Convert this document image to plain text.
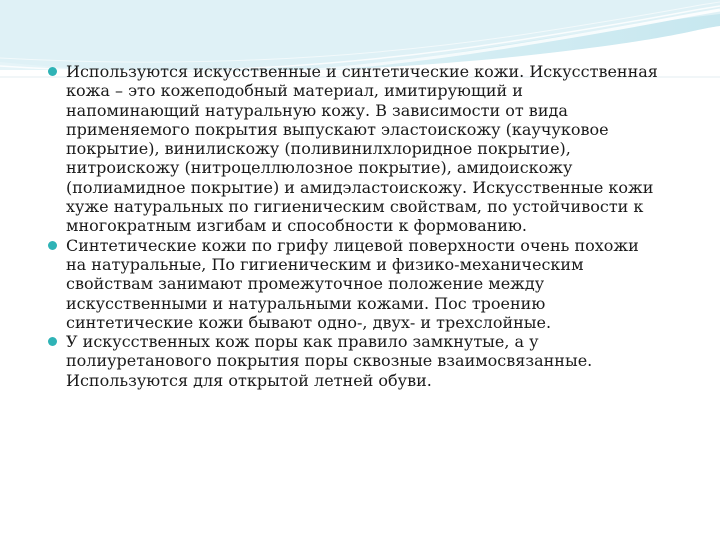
Используются искусственные и синтетические кожи. Искусственная кожа – это кожеподобный материал, имитирующий и напоминающий натуральную кожу. В зависимости от вида применяемого покрытия выпускают эластоискожу (каучуковое покрытие), винилискожу (поливинилхлоридное покрытие), нитроискожу (нитроцеллюлозное покрытие), амидоискожу (полиамидное покрытие) и амидэластоискожу. Искусственные кожи хуже натуральных по гигиеническим свойствам, по устойчивости к многократным изгибам и способности к формованию.
Синтетические кожи по грифу лицевой поверхности очень похожи на натуральные, По гигиеническим и физико-механическим свойствам занимают промежуточное положение между искусственными и натуральными кожами. Пос троению синтетические кожи бывают одно-, двух- и трехслойные.
У искусственных кож поры как правило замкнутые, а у полиуретанового покрытия поры сквозные взаимосвязанные. Используются для открытой летней обуви.
